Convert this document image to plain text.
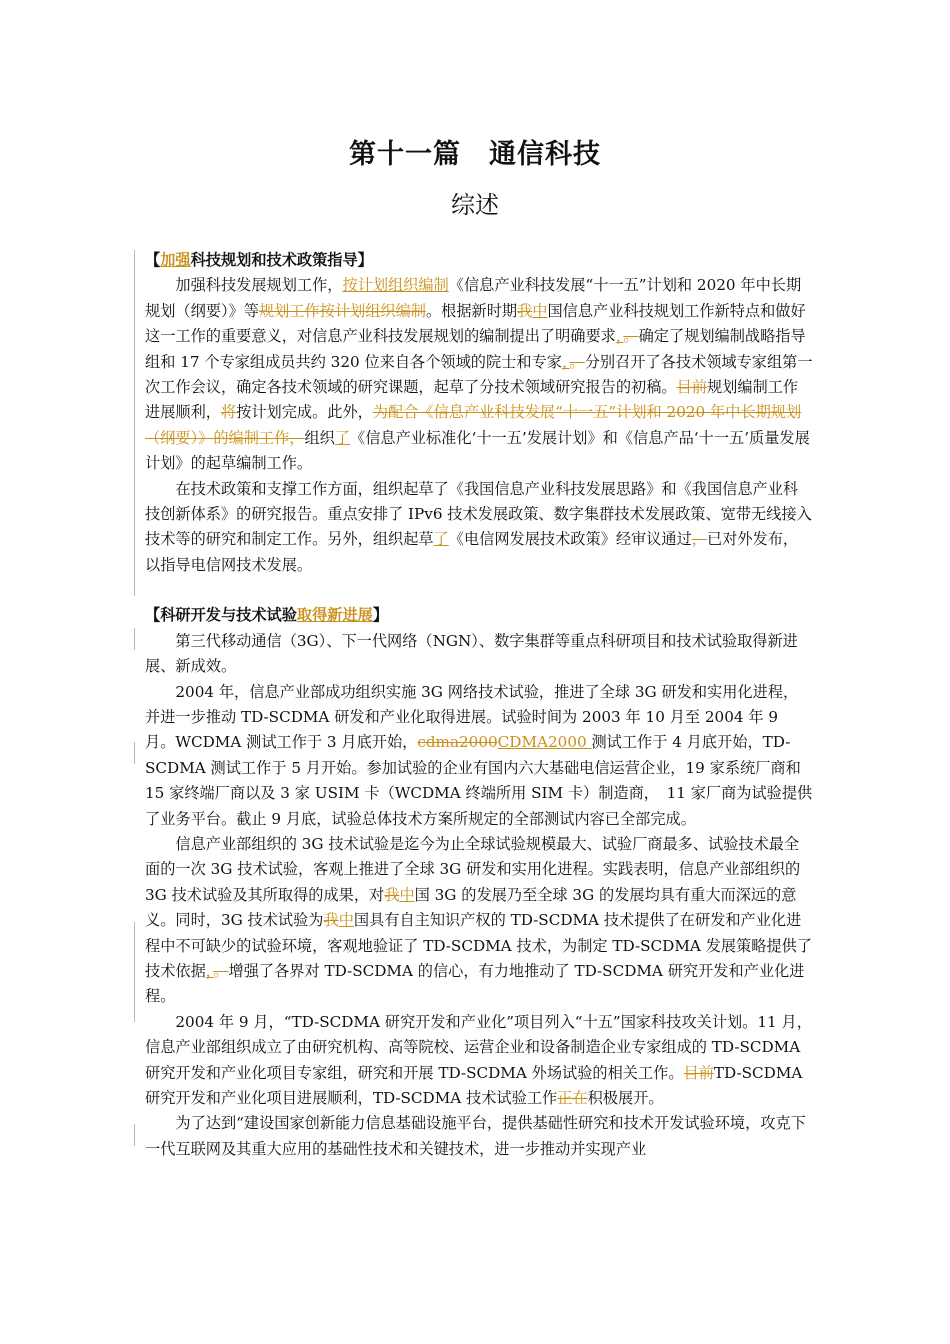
第十一篇　通信科技
综述

【加强科技规划和技术政策指导】

加强科技发展规划工作，按计划组织编制《信息产业科技发展“十一五”计划和 2020 年中长期规划（纲要）》等规划工作按计划组织编制。根据新时期我中国信息产业科技规划工作新特点和做好这一工作的重要意义，对信息产业科技发展规划的编制提出了明确要求，。确定了规划编制战略指导组和 17 个专家组成员共约 320 位来自各个领域的院士和专家，。分别召开了各技术领域专家组第一次工作会议，确定各技术领域的研究课题，起草了分技术领域研究报告的初稿。目前规划编制工作进展顺利，将按计划完成。此外，为配合《信息产业科技发展“十一五”计划和 2020 年中长期规划（纲要）》的编制工作，组织了《信息产业标准化‘十一五’发展计划》和《信息产品‘十一五’质量发展计划》的起草编制工作。

在技术政策和支撑工作方面，组织起草了《我国信息产业科技发展思路》和《我国信息产业科技创新体系》的研究报告。重点安排了 IPv6 技术发展政策、数字集群技术发展政策、宽带无线接入技术等的研究和制定工作。另外，组织起草了《电信网发展技术政策》经审议通过，已对外发布，以指导电信网技术发展。

【科研开发与技术试验取得新进展】

第三代移动通信（3G）、下一代网络（NGN）、数字集群等重点科研项目和技术试验取得新进展、新成效。

2004 年，信息产业部成功组织实施 3G 网络技术试验，推进了全球 3G 研发和实用化进程，并进一步推动 TD-SCDMA 研发和产业化取得进展。试验时间为 2003 年 10 月至 2004 年 9 月。WCDMA 测试工作于 3 月底开始，cdma2000CDMA2000 测试工作于 4 月底开始，TD-SCDMA 测试工作于 5 月开始。参加试验的企业有国内六大基础电信运营企业，19 家系统厂商和 15 家终端厂商以及 3 家 USIM 卡（WCDMA 终端所用 SIM 卡）制造商，　11 家厂商为试验提供了业务平台。截止 9 月底，试验总体技术方案所规定的全部测试内容已全部完成。

信息产业部组织的 3G 技术试验是迄今为止全球试验规模最大、试验厂商最多、试验技术最全面的一次 3G 技术试验，客观上推进了全球 3G 研发和实用化进程。实践表明，信息产业部组织的 3G 技术试验及其所取得的成果，对我中国 3G 的发展乃至全球 3G 的发展均具有重大而深远的意义。同时，3G 技术试验为我中国具有自主知识产权的 TD-SCDMA 技术提供了在研发和产业化进程中不可缺少的试验环境，客观地验证了 TD-SCDMA 技术，为制定 TD-SCDMA 发展策略提供了技术依据，。增强了各界对 TD-SCDMA 的信心，有力地推动了 TD-SCDMA 研究开发和产业化进程。

2004 年 9 月，“TD-SCDMA 研究开发和产业化”项目列入“十五”国家科技攻关计划。11 月，信息产业部组织成立了由研究机构、高等院校、运营企业和设备制造企业专家组成的 TD-SCDMA 研究开发和产业化项目专家组，研究和开展 TD-SCDMA 外场试验的相关工作。目前TD-SCDMA 研究开发和产业化项目进展顺利，TD-SCDMA 技术试验工作正在积极展开。

为了达到“建设国家创新能力信息基础设施平台，提供基础性研究和技术开发试验环境，攻克下一代互联网及其重大应用的基础性技术和关键技术，进一步推动并实现产业
